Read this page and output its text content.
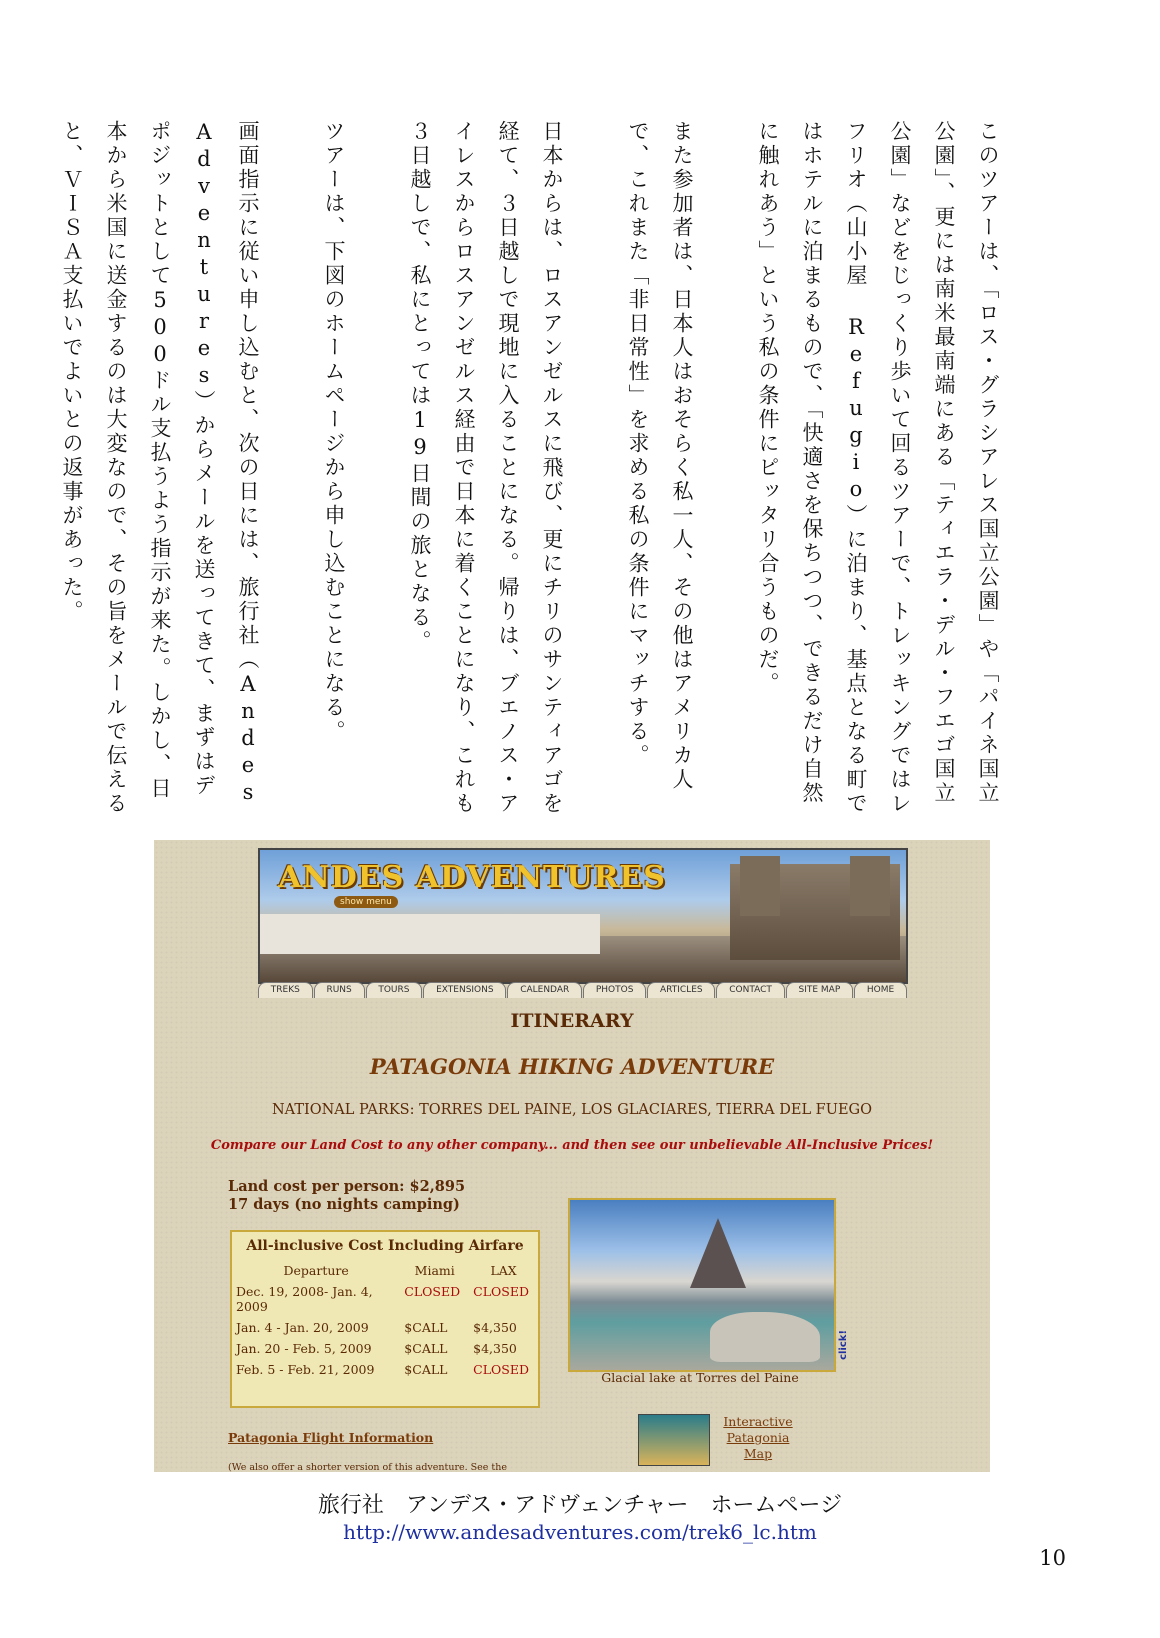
このツアーは、「ロス・グラシアレス国立公園」や「パイネ国立公園」、更には南米最南端にある「ティエラ・デル・フエゴ国立公園」などをじっくり歩いて回るツアーで、トレッキングではレフリオ（山小屋 Refugio）に泊まり、基点となる町ではホテルに泊まるもので、「快適さを保ちつつ、できるだけ自然に触れあう」という私の条件にピッタリ合うものだ。

また参加者は、日本人はおそらく私一人、その他はアメリカ人で、これまた「非日常性」を求める私の条件にマッチする。

日本からは、ロスアンゼルスに飛び、更にチリのサンティアゴを経て、３日越しで現地に入ることになる。帰りは、ブエノス・アイレスからロスアンゼルス経由で日本に着くことになり、これも３日越しで、私にとっては19日間の旅となる。

ツアーは、下図のホームページから申し込むことになる。

画面指示に従い申し込むと、次の日には、旅行社（Andes Adventures）からメールを送ってきて、まずはデポジットとして500ドル支払うよう指示が来た。しかし、日本から米国に送金するのは大変なので、その旨をメールで伝えると、ＶＩＳＡ支払いでよいとの返事があった。

ANDES ADVENTURES
show menu
TREKS	RUNS	TOURS	EXTENSIONS	CALENDAR	PHOTOS	ARTICLES	CONTACT	SITE MAP	HOME
ITINERARY
PATAGONIA HIKING ADVENTURE
NATIONAL PARKS: TORRES DEL PAINE, LOS GLACIARES, TIERRA DEL FUEGO
Compare our Land Cost to any other company... and then see our unbelievable All-Inclusive Prices!
Land cost per person: $2,895
17 days (no nights camping)
All-inclusive Cost Including Airfare
Departure	Miami	LAX
Dec. 19, 2008- Jan. 4, 2009	CLOSED	CLOSED
Jan. 4 - Jan. 20, 2009	$CALL	$4,350
Jan. 20 - Feb. 5, 2009	$CALL	$4,350
Feb. 5 - Feb. 21, 2009	$CALL	CLOSED
click!
Glacial lake at Torres del Paine
Patagonia Flight Information
Interactive
Patagonia
Map
(We also offer a shorter version of this adventure. See the
旅行社　アンデス・アドヴェンチャー　ホームページ
http://www.andesadventures.com/trek6_lc.htm
10
